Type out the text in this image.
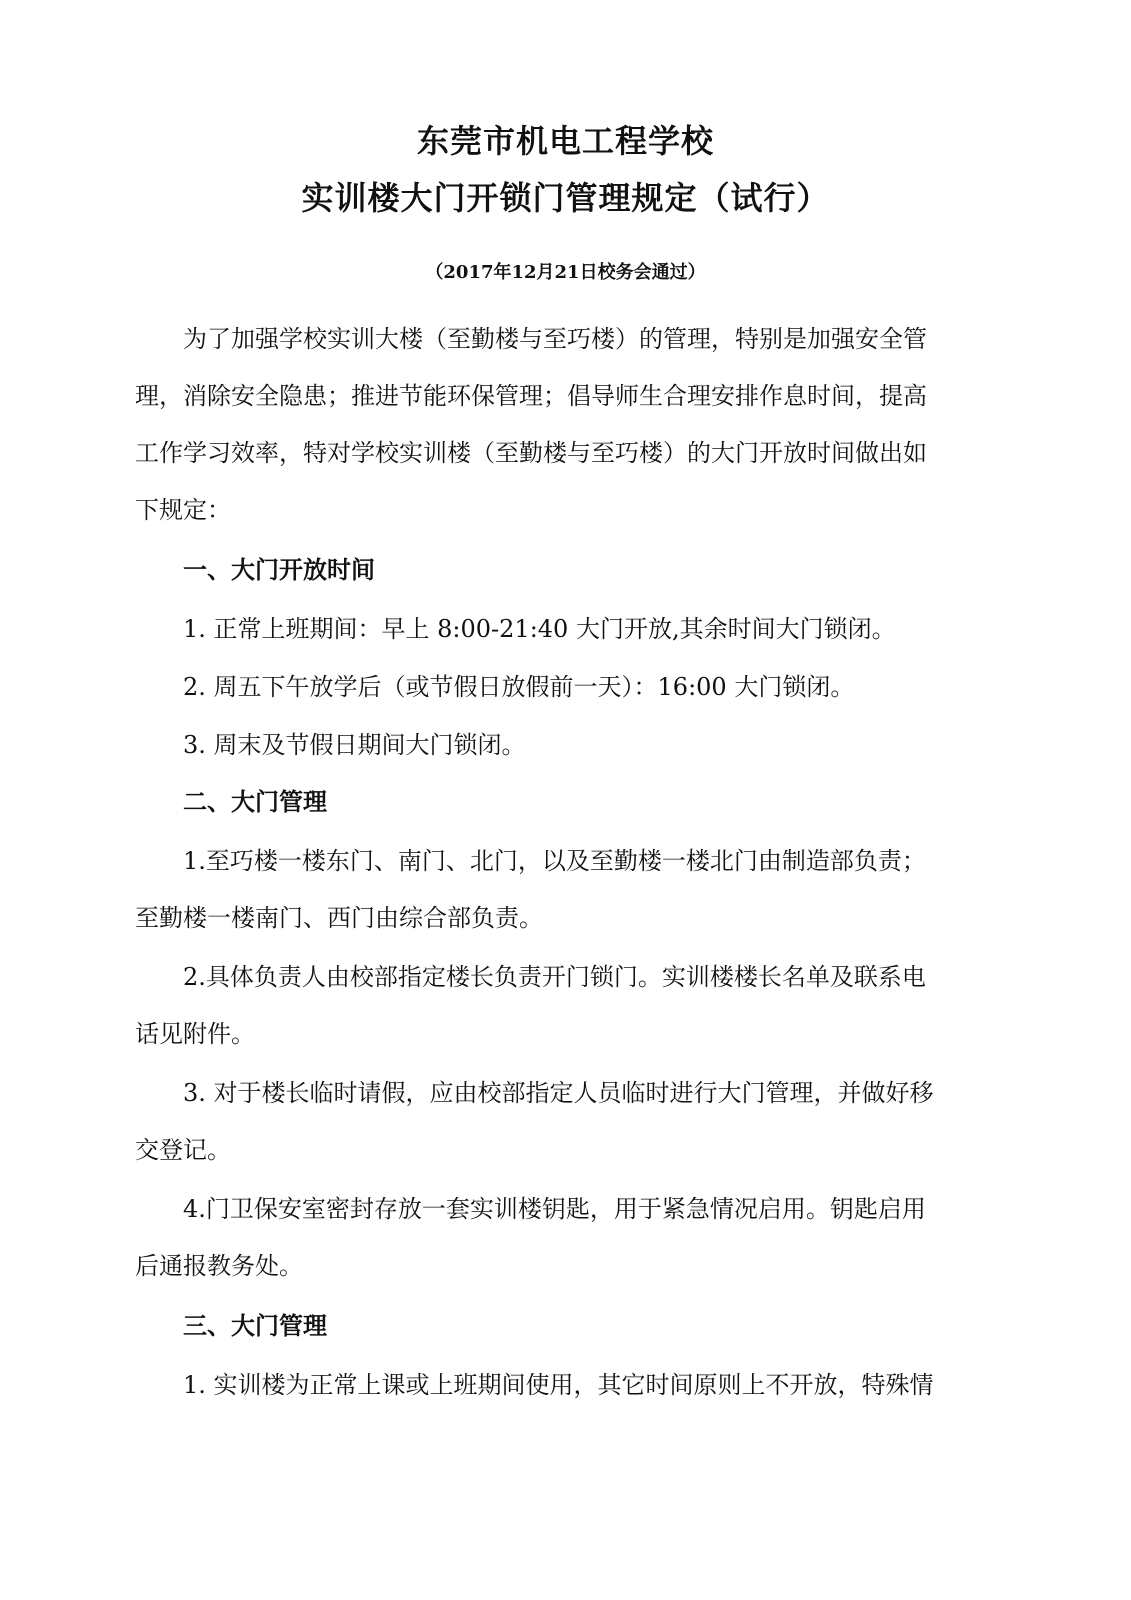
东莞市机电工程学校
实训楼大门开锁门管理规定（试行）
（2017年12月21日校务会通过）
为了加强学校实训大楼（至勤楼与至巧楼）的管理，特别是加强安全管
理，消除安全隐患；推进节能环保管理；倡导师生合理安排作息时间，提高
工作学习效率，特对学校实训楼（至勤楼与至巧楼）的大门开放时间做出如
下规定：
一、大门开放时间
1. 正常上班期间：早上 8:00-21:40 大门开放,其余时间大门锁闭。
2. 周五下午放学后（或节假日放假前一天）：16:00 大门锁闭。
3. 周末及节假日期间大门锁闭。
二、大门管理
1.至巧楼一楼东门、南门、北门，以及至勤楼一楼北门由制造部负责；
至勤楼一楼南门、西门由综合部负责。
2.具体负责人由校部指定楼长负责开门锁门。实训楼楼长名单及联系电
话见附件。
3. 对于楼长临时请假，应由校部指定人员临时进行大门管理，并做好移
交登记。
4.门卫保安室密封存放一套实训楼钥匙，用于紧急情况启用。钥匙启用
后通报教务处。
三、大门管理
1. 实训楼为正常上课或上班期间使用，其它时间原则上不开放，特殊情
